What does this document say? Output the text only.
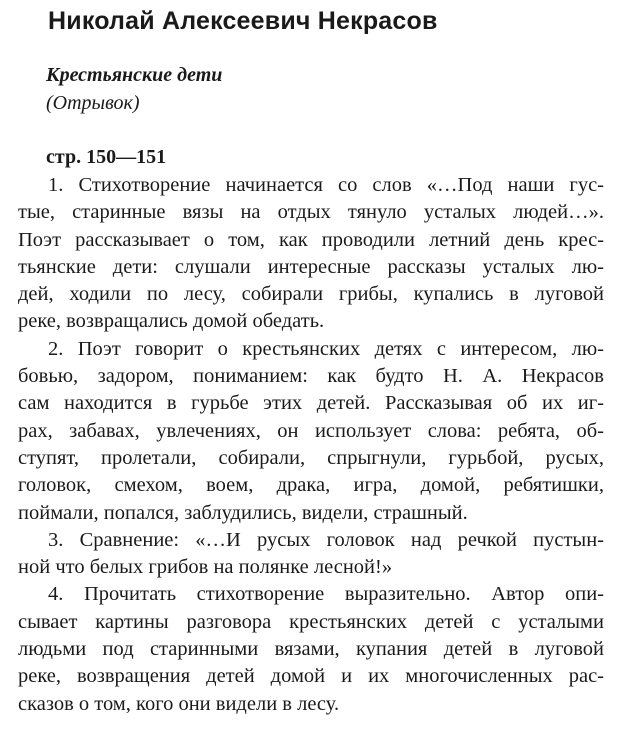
Николай Алексеевич Некрасов
Крестьянские дети
(Отрывок)
стр. 150—151
1. Стихотворение начинается со слов «…Под наши гус-
тые, старинные вязы на отдых тянуло усталых людей…».
Поэт рассказывает о том, как проводили летний день крес-
тьянские дети: слушали интересные рассказы усталых лю-
дей, ходили по лесу, собирали грибы, купались в луговой
реке, возвращались домой обедать.
2. Поэт говорит о крестьянских детях с интересом, лю-
бовью, задором, пониманием: как будто Н. А. Некрасов
сам находится в гурьбе этих детей. Рассказывая об их иг-
рах, забавах, увлечениях, он использует слова: ребята, об-
ступят, пролетали, собирали, спрыгнули, гурьбой, русых,
головок, смехом, воем, драка, игра, домой, ребятишки,
поймали, попался, заблудились, видели, страшный.
3. Сравнение: «…И русых головок над речкой пустын-
ной что белых грибов на полянке лесной!»
4. Прочитать стихотворение выразительно. Автор опи-
сывает картины разговора крестьянских детей с усталыми
людьми под старинными вязами, купания детей в луговой
реке, возвращения детей домой и их многочисленных рас-
сказов о том, кого они видели в лесу.
